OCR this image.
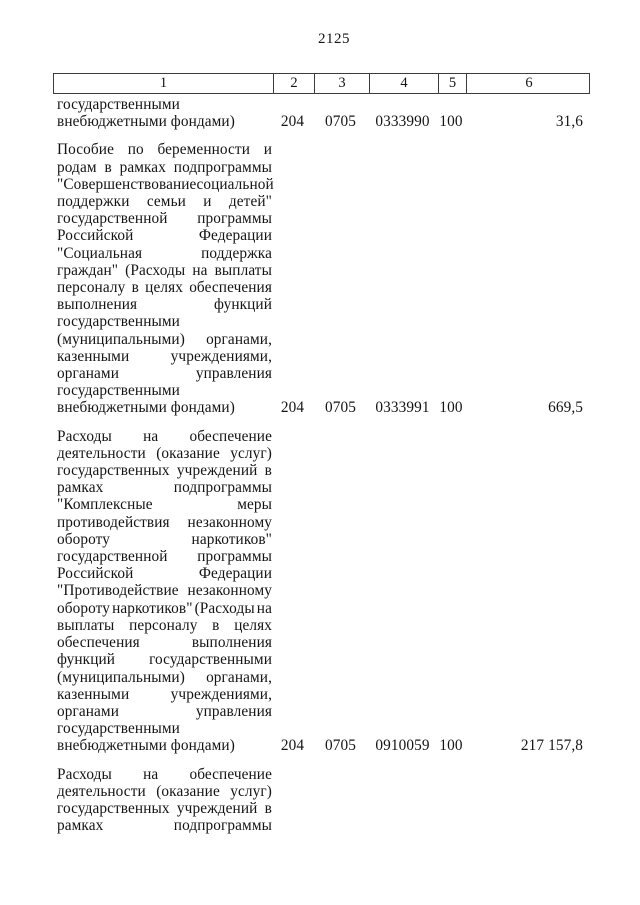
2125
1	2	3	4	5	6
государственными
внебюджетными фондами)	204	0705	0333990 100	31,6
Пособие по беременности и
родам в рамках подпрограммы
"Совершенствование социальной
поддержки семьи и детей"
государственной программы
Российской	Федерации
"Социальная	поддержка
граждан" (Расходы на выплаты
персоналу в целях обеспечения
выполнения	функций
государственными
(муниципальными) органами,
казенными	учреждениями,
органами	управления
государственными
внебюджетными фондами)	204	0705	0333991 100	669,5
Расходы на обеспечение
деятельности (оказание услуг)
государственных учреждений в
рамках	подпрограммы
"Комплексные	меры
противодействия незаконному
обороту	наркотиков"
государственной программы
Российской	Федерации
"Противодействие незаконному
обороту наркотиков" (Расходы на
выплаты персоналу в целях
обеспечения	выполнения
функций государственными
(муниципальными) органами,
казенными	учреждениями,
органами	управления
государственными
внебюджетными фондами)	204	0705	0910059 100	217 157,8
Расходы на обеспечение
деятельности (оказание услуг)
государственных учреждений в
рамках	подпрограммы
